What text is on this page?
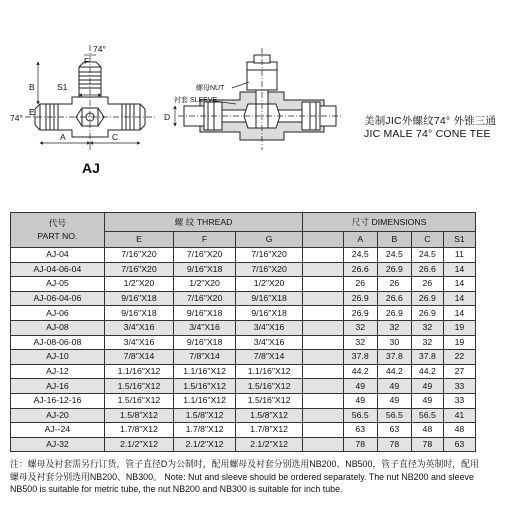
74°
F
S1
B
E
74°
A	C
螺母NUT
衬套 SLEEVE
D	美制JIC外螺纹74° 外锥三通
JIC MALE 74° CONE TEE
AJ
代号
PART NO.	螺 纹 THREAD			尺寸 DIMENSIONS				
	E	F	G		A	B	C	S1
AJ-04	7/16"X20	7/16"X20	7/16"X20		24.5	24.5	24.5	11
AJ-04-06-04	7/16"X20	9/16"X18	7/16"X20		26.6	26.9	26.6	14
AJ-05	1/2"X20	1/2"X20	1/2"X20		26	26	26	14
AJ-06-04-06	9/16"X18	7/16"X20	9/16"X18		26.9	26.6	26.9	14
AJ-06	9/16"X18	9/16"X18	9/16"X18		26.9	26.9	26.9	14
AJ-08	3/4"X16	3/4"X16	3/4"X16		32	32	32	19
AJ-08-06-08	3/4"X16	9/16"X18	3/4"X16		32	30	32	19
AJ-10	7/8"X14	7/8"X14	7/8"X14		37.8	37.8	37.8	22
AJ-12	1.1/16"X12	1.1/16"X12	1.1/16"X12		44.2	44.2	44.2	27
AJ-16	1.5/16"X12	1.5/16"X12	1.5/16"X12		49	49	49	33
AJ-16-12-16	1.5/16"X12	1.1/16"X12	1.5/16"X12		49	49	49	33
AJ-20	1.5/8"X12	1.5/8"X12	1.5/8"X12		56.5	56.5	56.5	41
AJ--24	1.7/8"X12	1.7/8"X12	1.7/8"X12		63	63	48	48
AJ-32	2.1/2"X12	2.1/2"X12	2.1/2"X12		78	78	78	63
注：螺母及衬套需另行订货，管子直径D为公制时，配用螺母及衬套分别选用NB200、NB500，管子直径为英制时，配用螺母及衬套分别选用NB200、NB300。 Note: Nut and sleeve should be ordered separately. The nut NB200 and sleeve NB500 is suitable for metric tube, the nut NB200 and NB300 is suitable for inch tube.
